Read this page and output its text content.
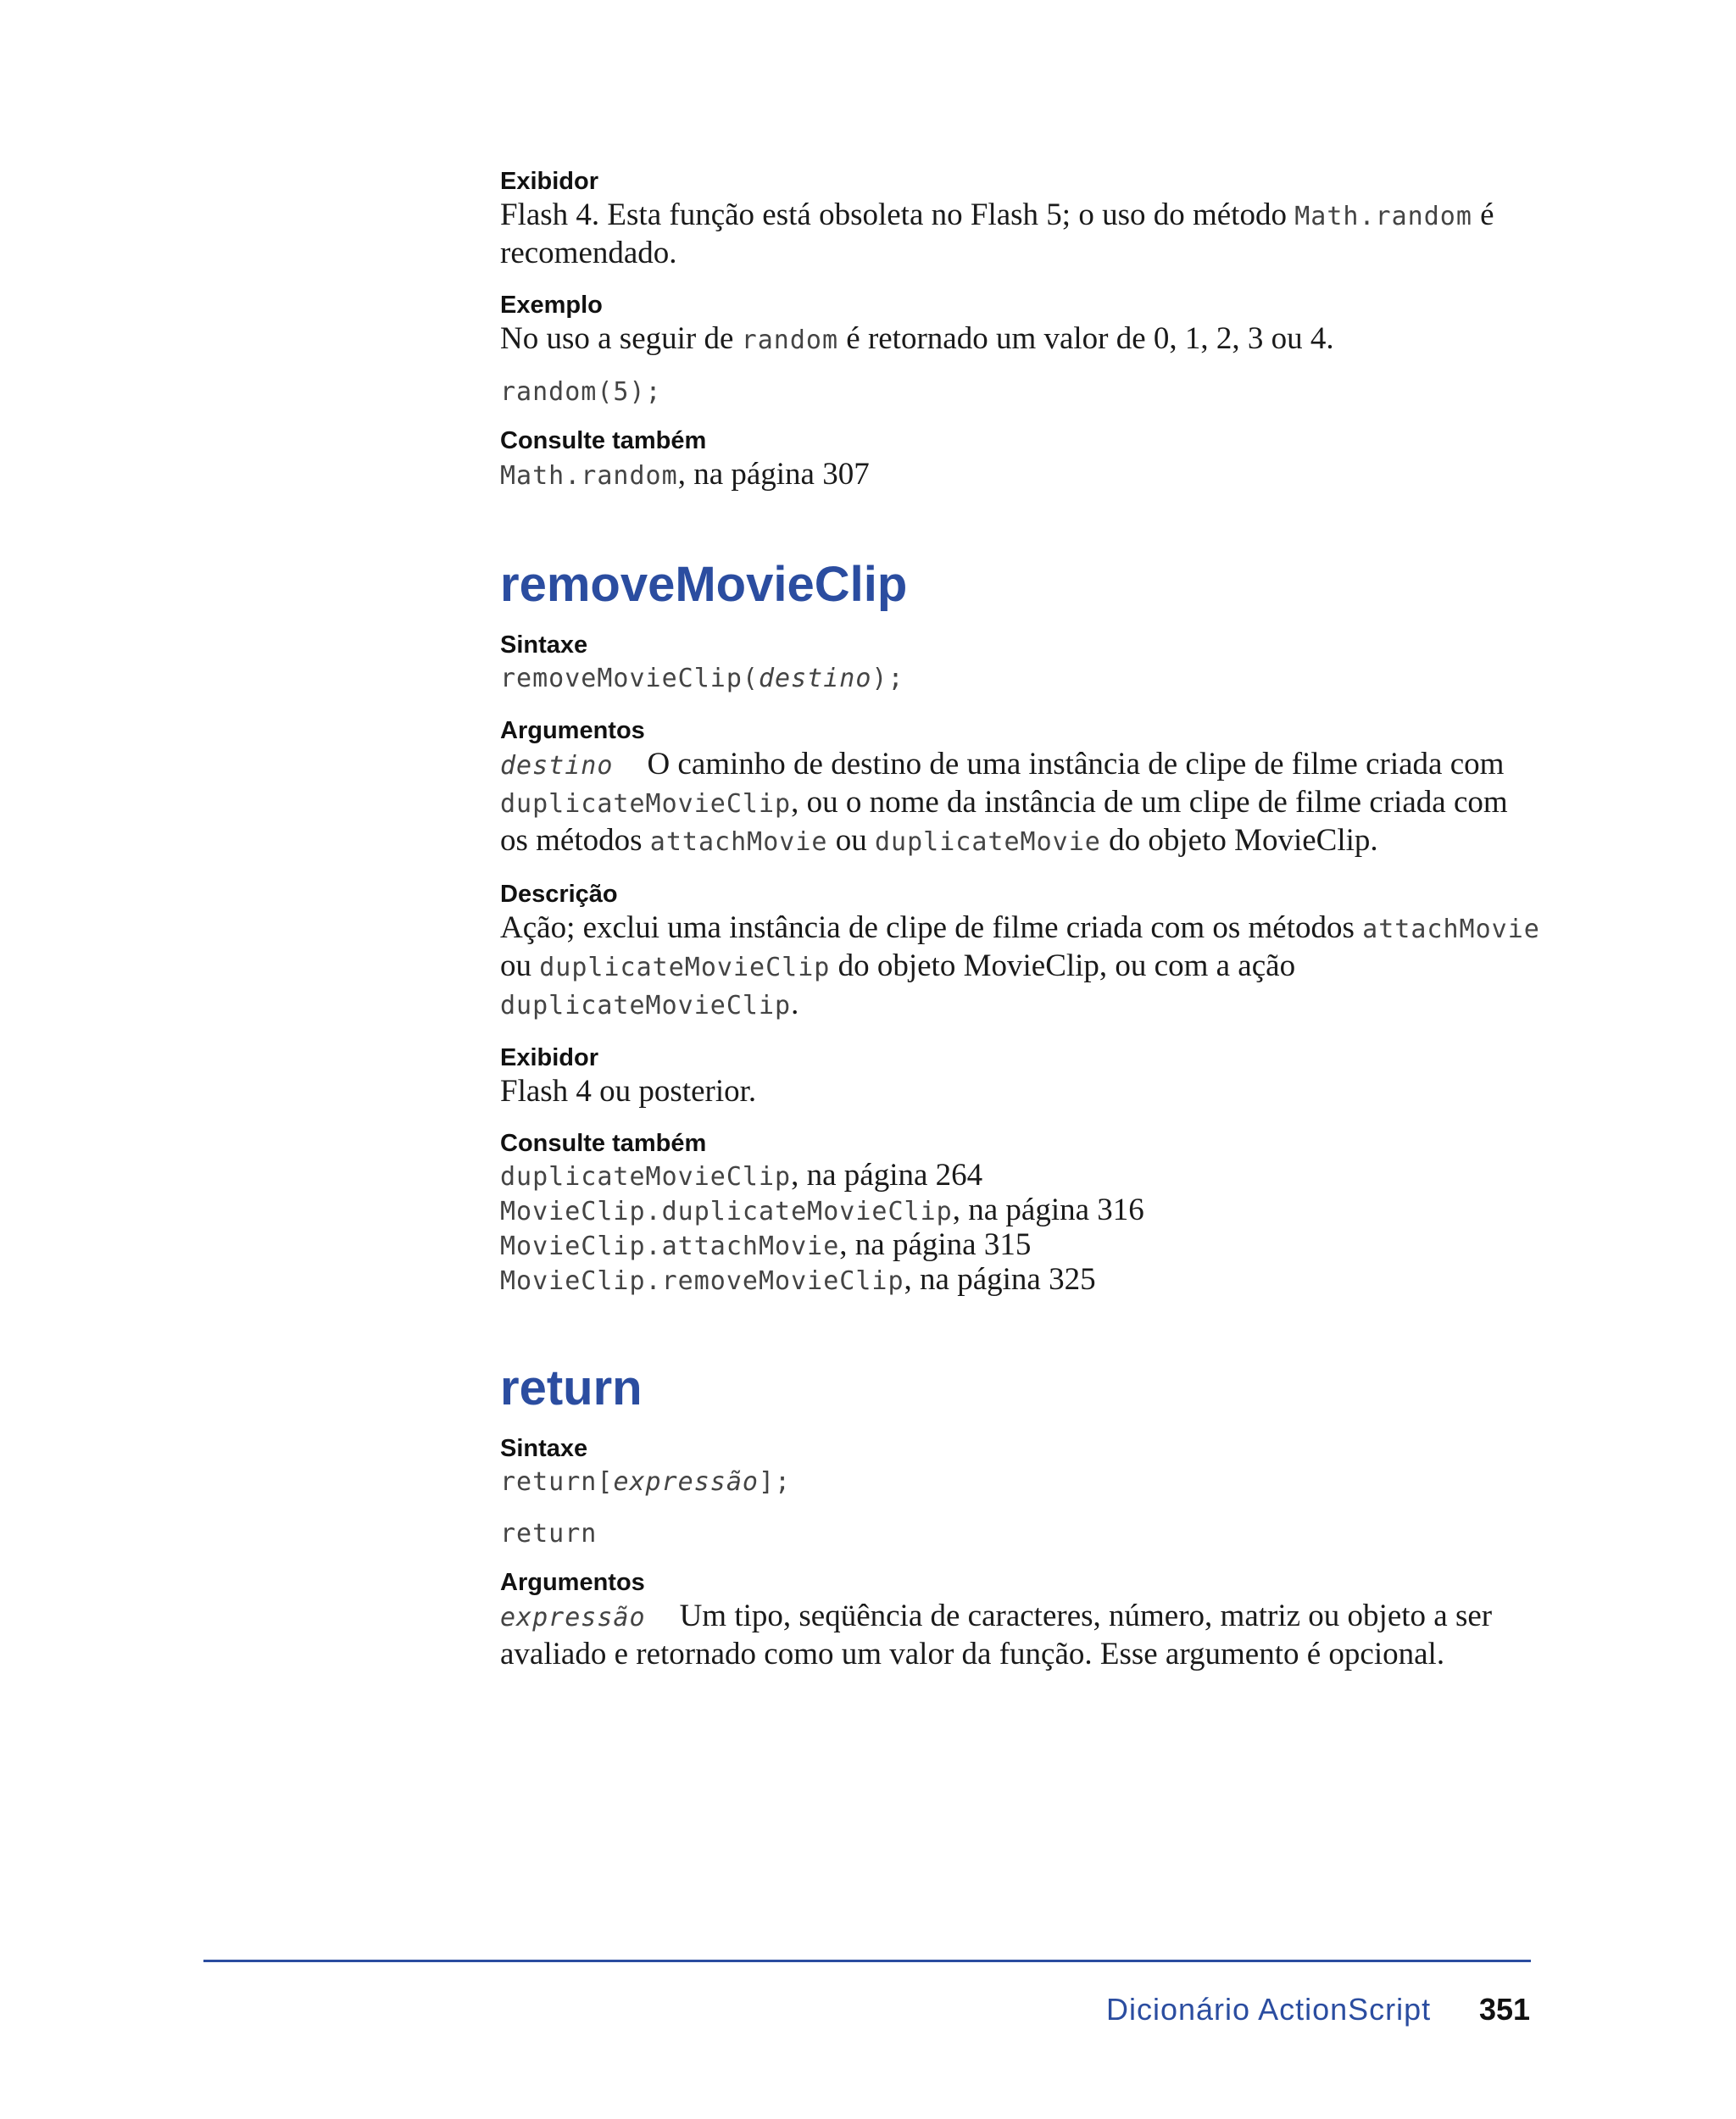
Exibidor
Flash 4. Esta função está obsoleta no Flash 5; o uso do método Math.random é recomendado.
Exemplo
No uso a seguir de random é retornado um valor de 0, 1, 2, 3 ou 4.
random(5);
Consulte também
Math.random, na página 307
removeMovieClip
Sintaxe
removeMovieClip(destino);
Argumentos
destino O caminho de destino de uma instância de clipe de filme criada com duplicateMovieClip, ou o nome da instância de um clipe de filme criada com os métodos attachMovie ou duplicateMovie do objeto MovieClip.
Descrição
Ação; exclui uma instância de clipe de filme criada com os métodos attachMovie ou duplicateMovieClip do objeto MovieClip, ou com a ação duplicateMovieClip.
Exibidor
Flash 4 ou posterior.
Consulte também
duplicateMovieClip, na página 264
MovieClip.duplicateMovieClip, na página 316
MovieClip.attachMovie, na página 315
MovieClip.removeMovieClip, na página 325
return
Sintaxe
return[expressão];
return
Argumentos
expressão Um tipo, seqüência de caracteres, número, matriz ou objeto a ser avaliado e retornado como um valor da função. Esse argumento é opcional.
Dicionário ActionScript 351
